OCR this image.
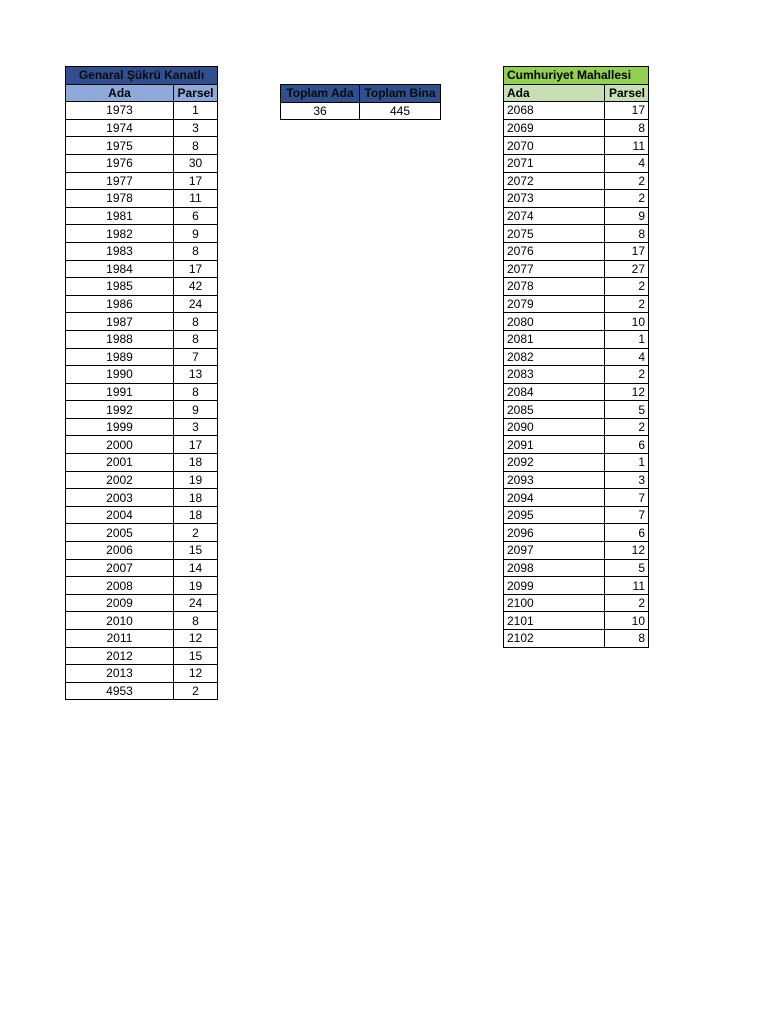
Genaral Şükrü Kanatlı	
Ada	Parsel
1973	1
1974	3
1975	8
1976	30
1977	17
1978	11
1981	6
1982	9
1983	8
1984	17
1985	42
1986	24
1987	8
1988	8
1989	7
1990	13
1991	8
1992	9
1999	3
2000	17
2001	18
2002	19
2003	18
2004	18
2005	2
2006	15
2007	14
2008	19
2009	24
2010	8
2011	12
2012	15
2013	12
4953	2
Toplam Ada	Toplam Bina
36	445
Cumhuriyet Mahallesi	
Ada	Parsel
2068	17
2069	8
2070	11
2071	4
2072	2
2073	2
2074	9
2075	8
2076	17
2077	27
2078	2
2079	2
2080	10
2081	1
2082	4
2083	2
2084	12
2085	5
2090	2
2091	6
2092	1
2093	3
2094	7
2095	7
2096	6
2097	12
2098	5
2099	11
2100	2
2101	10
2102	8
